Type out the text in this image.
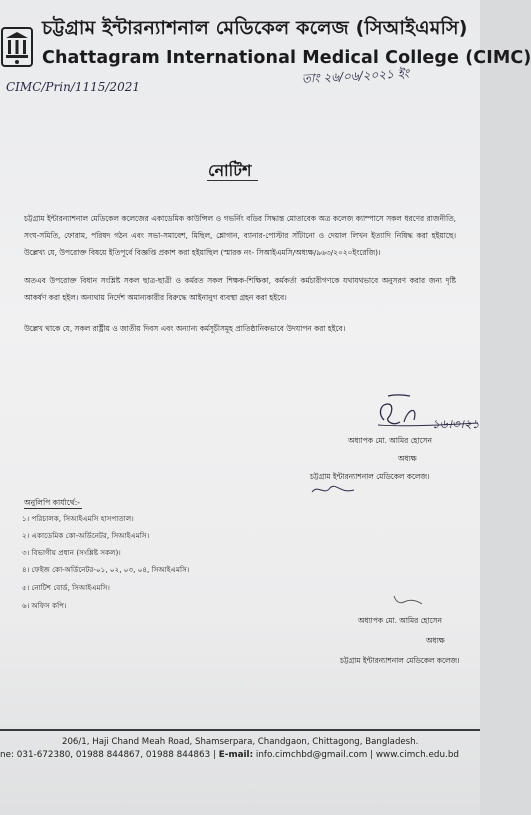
চট্টগ্রাম ইন্টারন্যাশনাল মেডিকেল কলেজ (সিআইএমসি)
Chattagram International Medical College (CIMC)
CIMC/Prin/1115/2021
তাং ২৬/০৬/২০২১ ইং
নোটিশ
চট্টগ্রাম ইন্টারন্যাশনাল মেডিকেল কলেজের একাডেমিক কাউন্সিল ও গভর্নিং বডির সিদ্ধান্ত মোতাবেক অত্র কলেজ ক্যাম্পাসে সকল ধরণের রাজনীতি, সংঘ-সমিতি, ফোরাম, পরিষদ গঠন এবং সভা-সমাবেশ, মিছিল, শ্লোগান, ব্যানার-পোস্টার সাঁটানো ও দেয়াল লিখন ইত্যাদি নিষিদ্ধ করা হইয়াছে। উল্লেখ্য যে, উপরোক্ত বিষয়ে ইতিপূর্বে বিজ্ঞপ্তি প্রকাশ করা হইয়াছিল (স্মারক নং- সিআইএমসি/অধ্যক্ষ/৯৬৩/২০২০ইংরেজি)।
অতএব উপরোক্ত বিধান সংশ্লিষ্ট সকল ছাত্র-ছাত্রী ও কর্মরত সকল শিক্ষক-শিক্ষিকা, কর্মকর্তা কর্মচারীগণকে যথাযথভাবে অনুসরণ করার জন্য দৃষ্টি আকর্ষণ করা হইল। অন্যথায় নির্দেশ অমান্যকারীর বিরুদ্ধে আইনানুগ ব্যবস্থা গ্রহন করা হইবে।
উল্লেখ থাকে যে, সকল রাষ্ট্রীয় ও জাতীয় দিবস এবং অন্যান্য কর্মসূচীসমূহ প্রাতিষ্ঠানিকভাবে উদযাপন করা হইবে।
১৬।৩।২১
অধ্যাপক মো. আমির হোসেন
অধ্যক্ষ
চট্টগ্রাম ইন্টারন্যাশনাল মেডিকেল কলেজ।
অনুলিপি কার্যার্থে:-
১। পরিচালক, সিআইএমসি হাসপাতাল।
২। একাডেমিক কো-অর্ডিনেটর, সিআইএমসি।
৩। বিভাগীয় প্রধান (সংশ্লিষ্ট সকল)।
৪। ফেইজ কো-অর্ডিনেটর-০১, ০২, ০৩, ০৪, সিআইএমসি।
৫। নোটিশ বোর্ড, সিআইএমসি।
৬। অফিস কপি।
অধ্যাপক মো. আমির হোসেন
অধ্যক্ষ
চট্টগ্রাম ইন্টারন্যাশনাল মেডিকেল কলেজ।
206/1, Haji Chand Meah Road, Shamserpara, Chandgaon, Chittagong, Bangladesh.
ne: 031-672380, 01988 844867, 01988 844863 | E-mail: info.cimchbd@gmail.com | www.cimch.edu.bd
